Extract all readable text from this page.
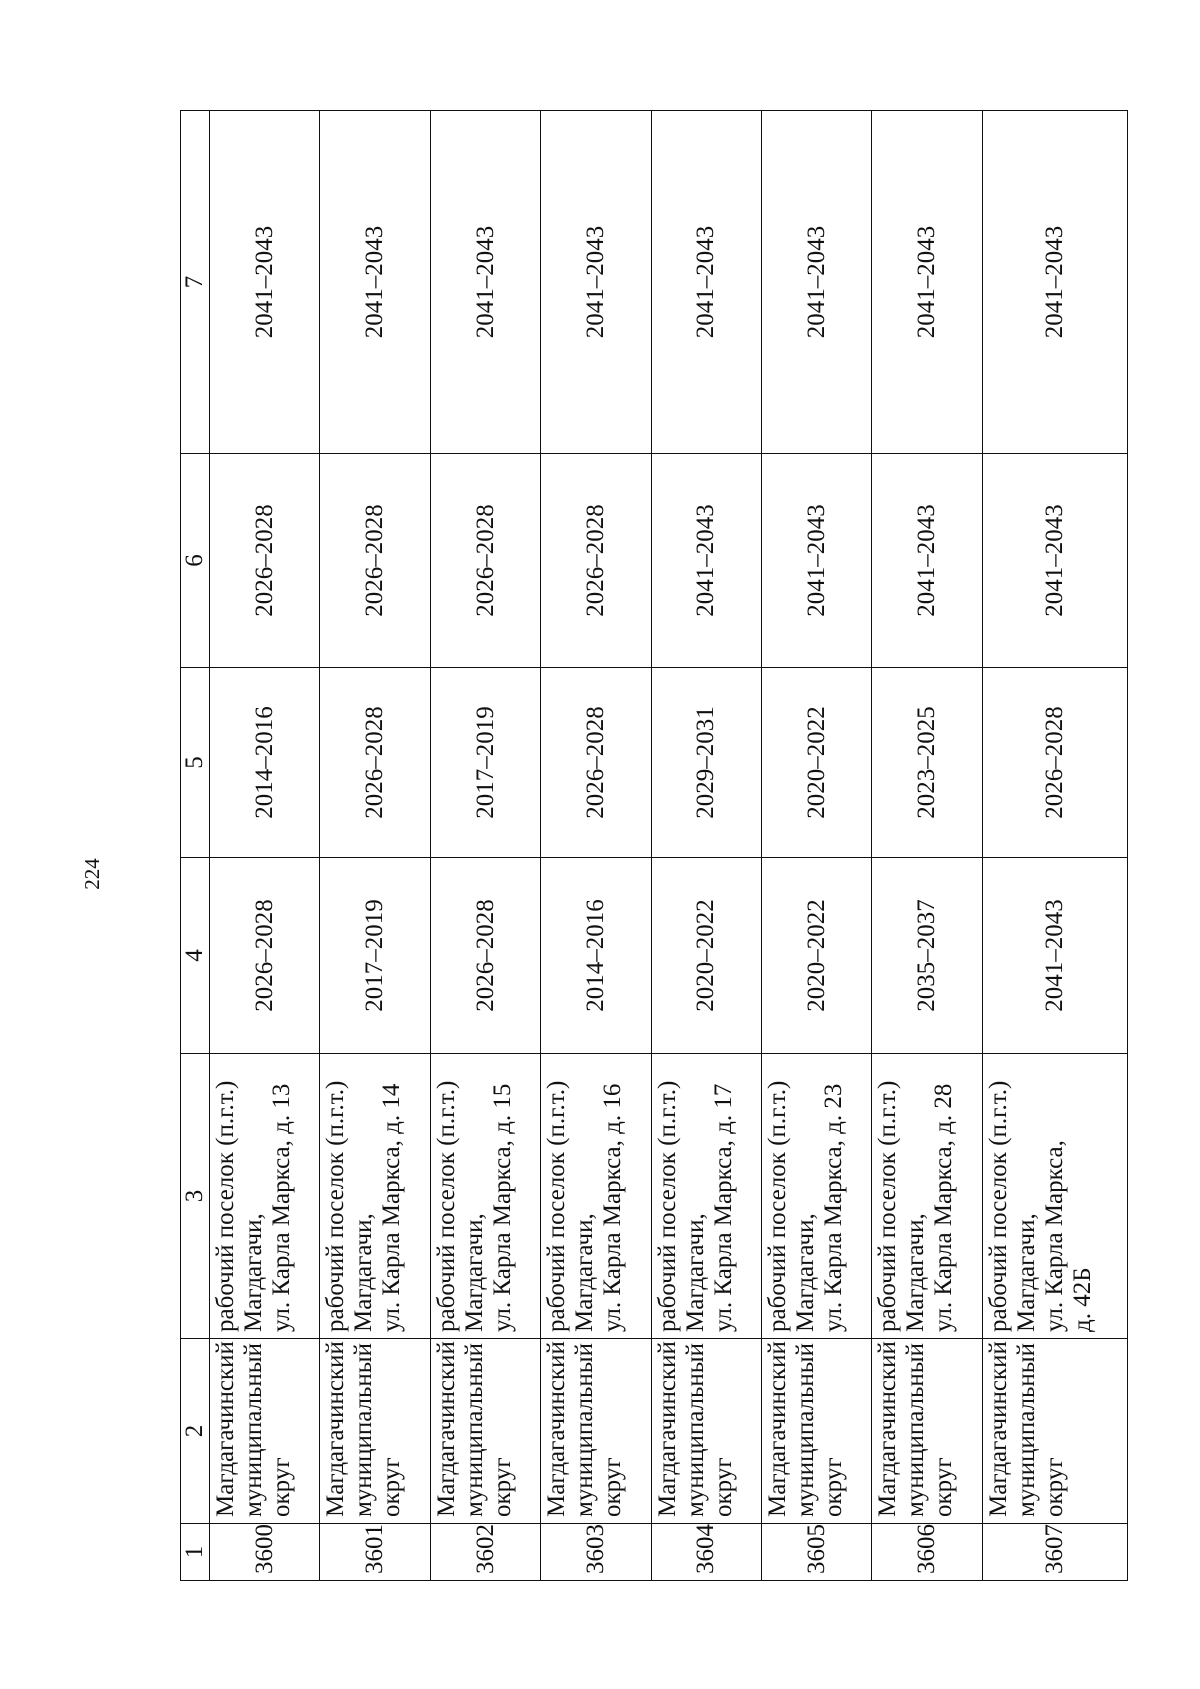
224
1	2	3	4	5	6	7
3600	Магдагачинский муниципальный округ	рабочий поселок (п.г.т.) Магдагачи, ул. Карла Маркса, д. 13	2026–2028	2014–2016	2026–2028	2041–2043
3601	Магдагачинский муниципальный округ	рабочий поселок (п.г.т.) Магдагачи, ул. Карла Маркса, д. 14	2017–2019	2026–2028	2026–2028	2041–2043
3602	Магдагачинский муниципальный округ	рабочий поселок (п.г.т.) Магдагачи, ул. Карла Маркса, д. 15	2026–2028	2017–2019	2026–2028	2041–2043
3603	Магдагачинский муниципальный округ	рабочий поселок (п.г.т.) Магдагачи, ул. Карла Маркса, д. 16	2014–2016	2026–2028	2026–2028	2041–2043
3604	Магдагачинский муниципальный округ	рабочий поселок (п.г.т.) Магдагачи, ул. Карла Маркса, д. 17	2020–2022	2029–2031	2041–2043	2041–2043
3605	Магдагачинский муниципальный округ	рабочий поселок (п.г.т.) Магдагачи, ул. Карла Маркса, д. 23	2020–2022	2020–2022	2041–2043	2041–2043
3606	Магдагачинский муниципальный округ	рабочий поселок (п.г.т.) Магдагачи, ул. Карла Маркса, д. 28	2035–2037	2023–2025	2041–2043	2041–2043
3607	Магдагачинский муниципальный округ	рабочий поселок (п.г.т.) Магдагачи, ул. Карла Маркса, д. 42Б	2041–2043	2026–2028	2041–2043	2041–2043
